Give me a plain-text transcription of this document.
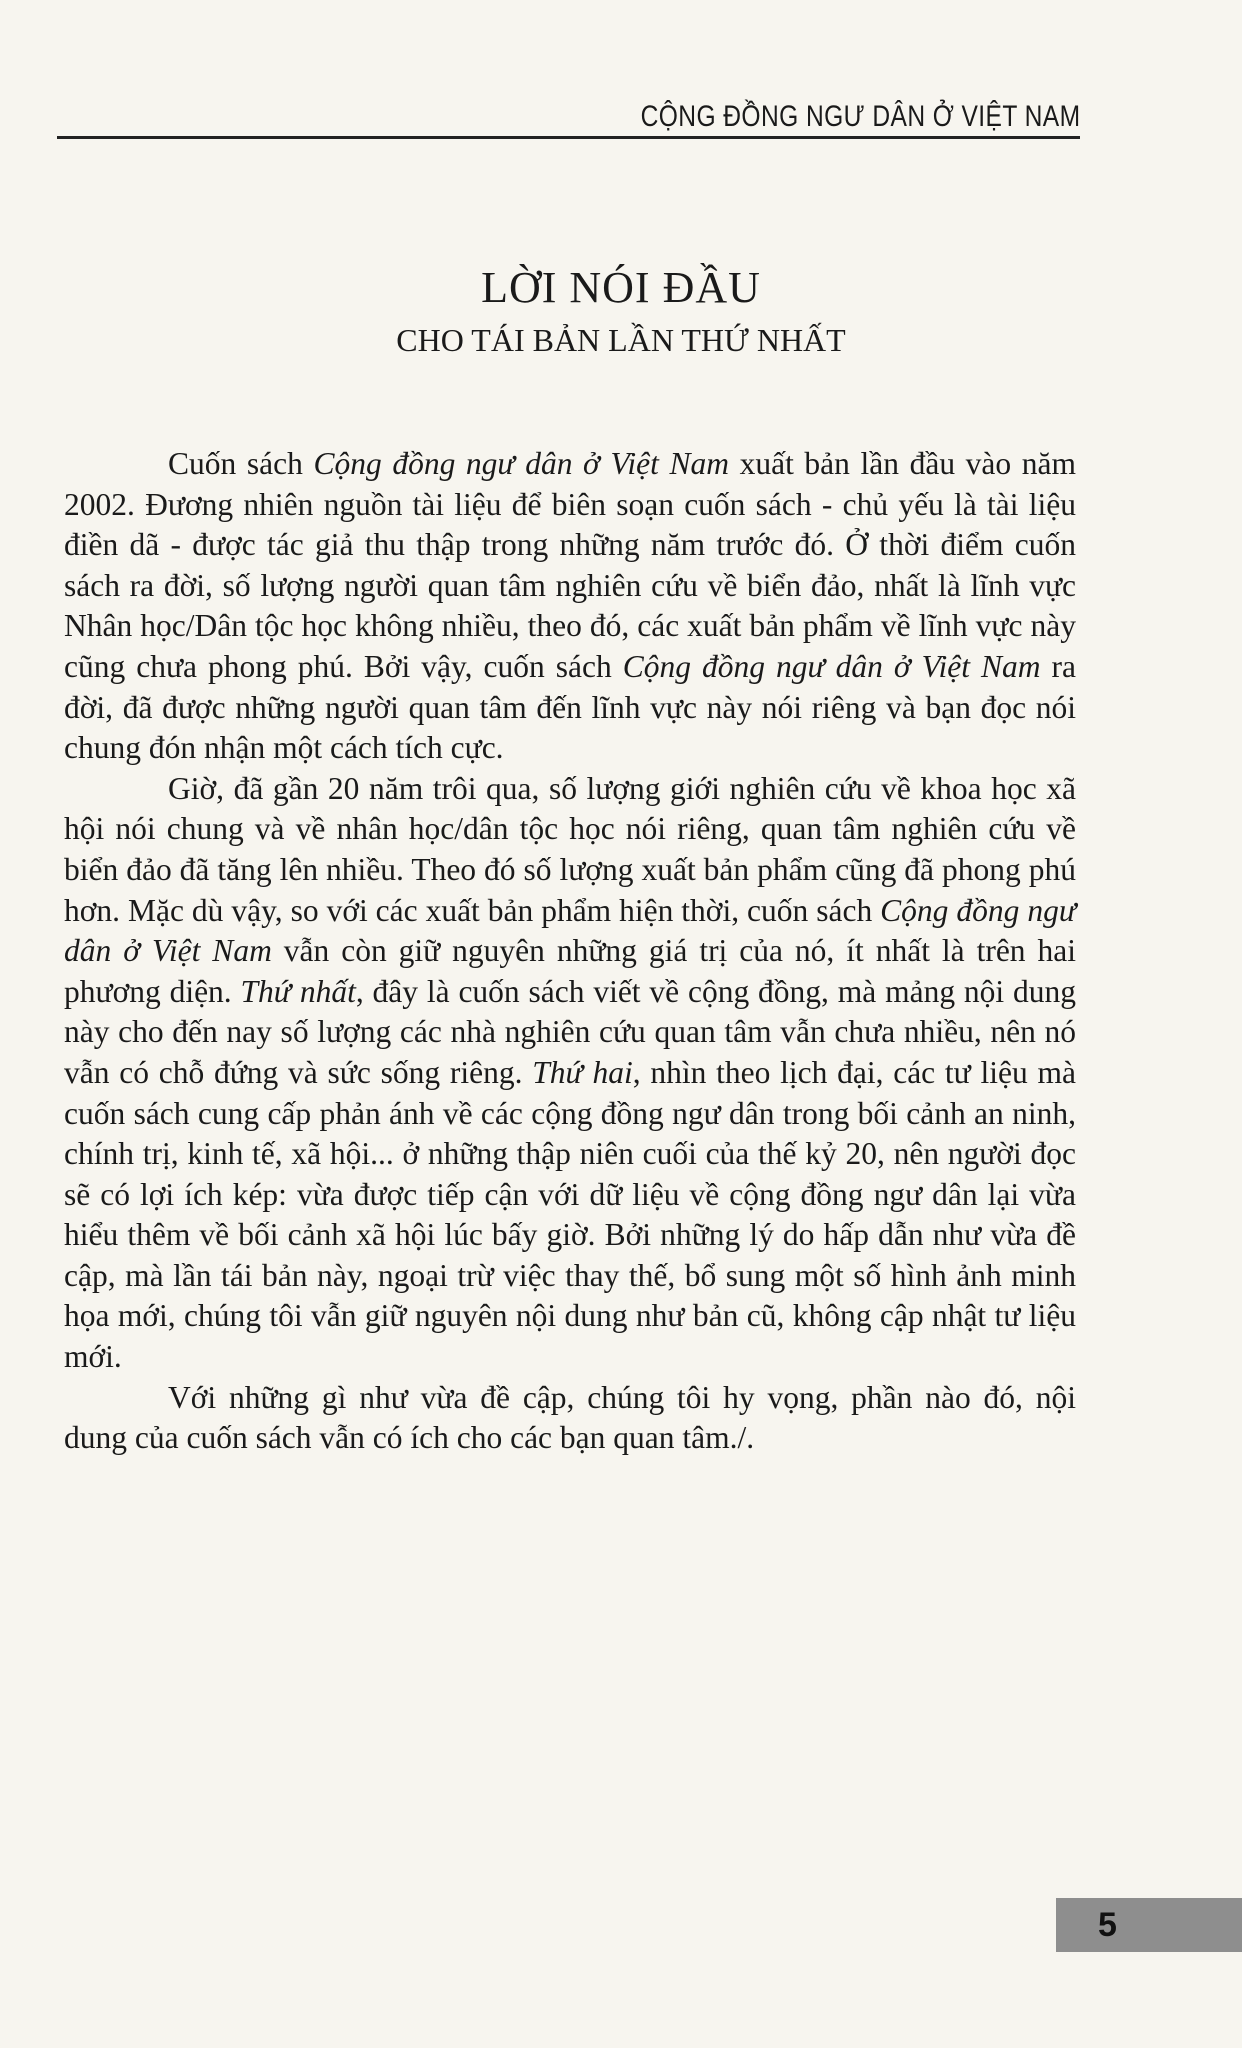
CỘNG ĐỒNG NGƯ DÂN Ở VIỆT NAM
LỜI NÓI ĐẦU
CHO TÁI BẢN LẦN THỨ NHẤT

Cuốn sách Cộng đồng ngư dân ở Việt Nam xuất bản lần đầu vào năm 2002. Đương nhiên nguồn tài liệu để biên soạn cuốn sách - chủ yếu là tài liệu điền dã - được tác giả thu thập trong những năm trước đó. Ở thời điểm cuốn sách ra đời, số lượng người quan tâm nghiên cứu về biển đảo, nhất là lĩnh vực Nhân học/Dân tộc học không nhiều, theo đó, các xuất bản phẩm về lĩnh vực này cũng chưa phong phú. Bởi vậy, cuốn sách Cộng đồng ngư dân ở Việt Nam ra đời, đã được những người quan tâm đến lĩnh vực này nói riêng và bạn đọc nói chung đón nhận một cách tích cực.

Giờ, đã gần 20 năm trôi qua, số lượng giới nghiên cứu về khoa học xã hội nói chung và về nhân học/dân tộc học nói riêng, quan tâm nghiên cứu về biển đảo đã tăng lên nhiều. Theo đó số lượng xuất bản phẩm cũng đã phong phú hơn. Mặc dù vậy, so với các xuất bản phẩm hiện thời, cuốn sách Cộng đồng ngư dân ở Việt Nam vẫn còn giữ nguyên những giá trị của nó, ít nhất là trên hai phương diện. Thứ nhất, đây là cuốn sách viết về cộng đồng, mà mảng nội dung này cho đến nay số lượng các nhà nghiên cứu quan tâm vẫn chưa nhiều, nên nó vẫn có chỗ đứng và sức sống riêng. Thứ hai, nhìn theo lịch đại, các tư liệu mà cuốn sách cung cấp phản ánh về các cộng đồng ngư dân trong bối cảnh an ninh, chính trị, kinh tế, xã hội... ở những thập niên cuối của thế kỷ 20, nên người đọc sẽ có lợi ích kép: vừa được tiếp cận với dữ liệu về cộng đồng ngư dân lại vừa hiểu thêm về bối cảnh xã hội lúc bấy giờ. Bởi những lý do hấp dẫn như vừa đề cập, mà lần tái bản này, ngoại trừ việc thay thế, bổ sung một số hình ảnh minh họa mới, chúng tôi vẫn giữ nguyên nội dung như bản cũ, không cập nhật tư liệu mới.

Với những gì như vừa đề cập, chúng tôi hy vọng, phần nào đó, nội dung của cuốn sách vẫn có ích cho các bạn quan tâm./.

5
